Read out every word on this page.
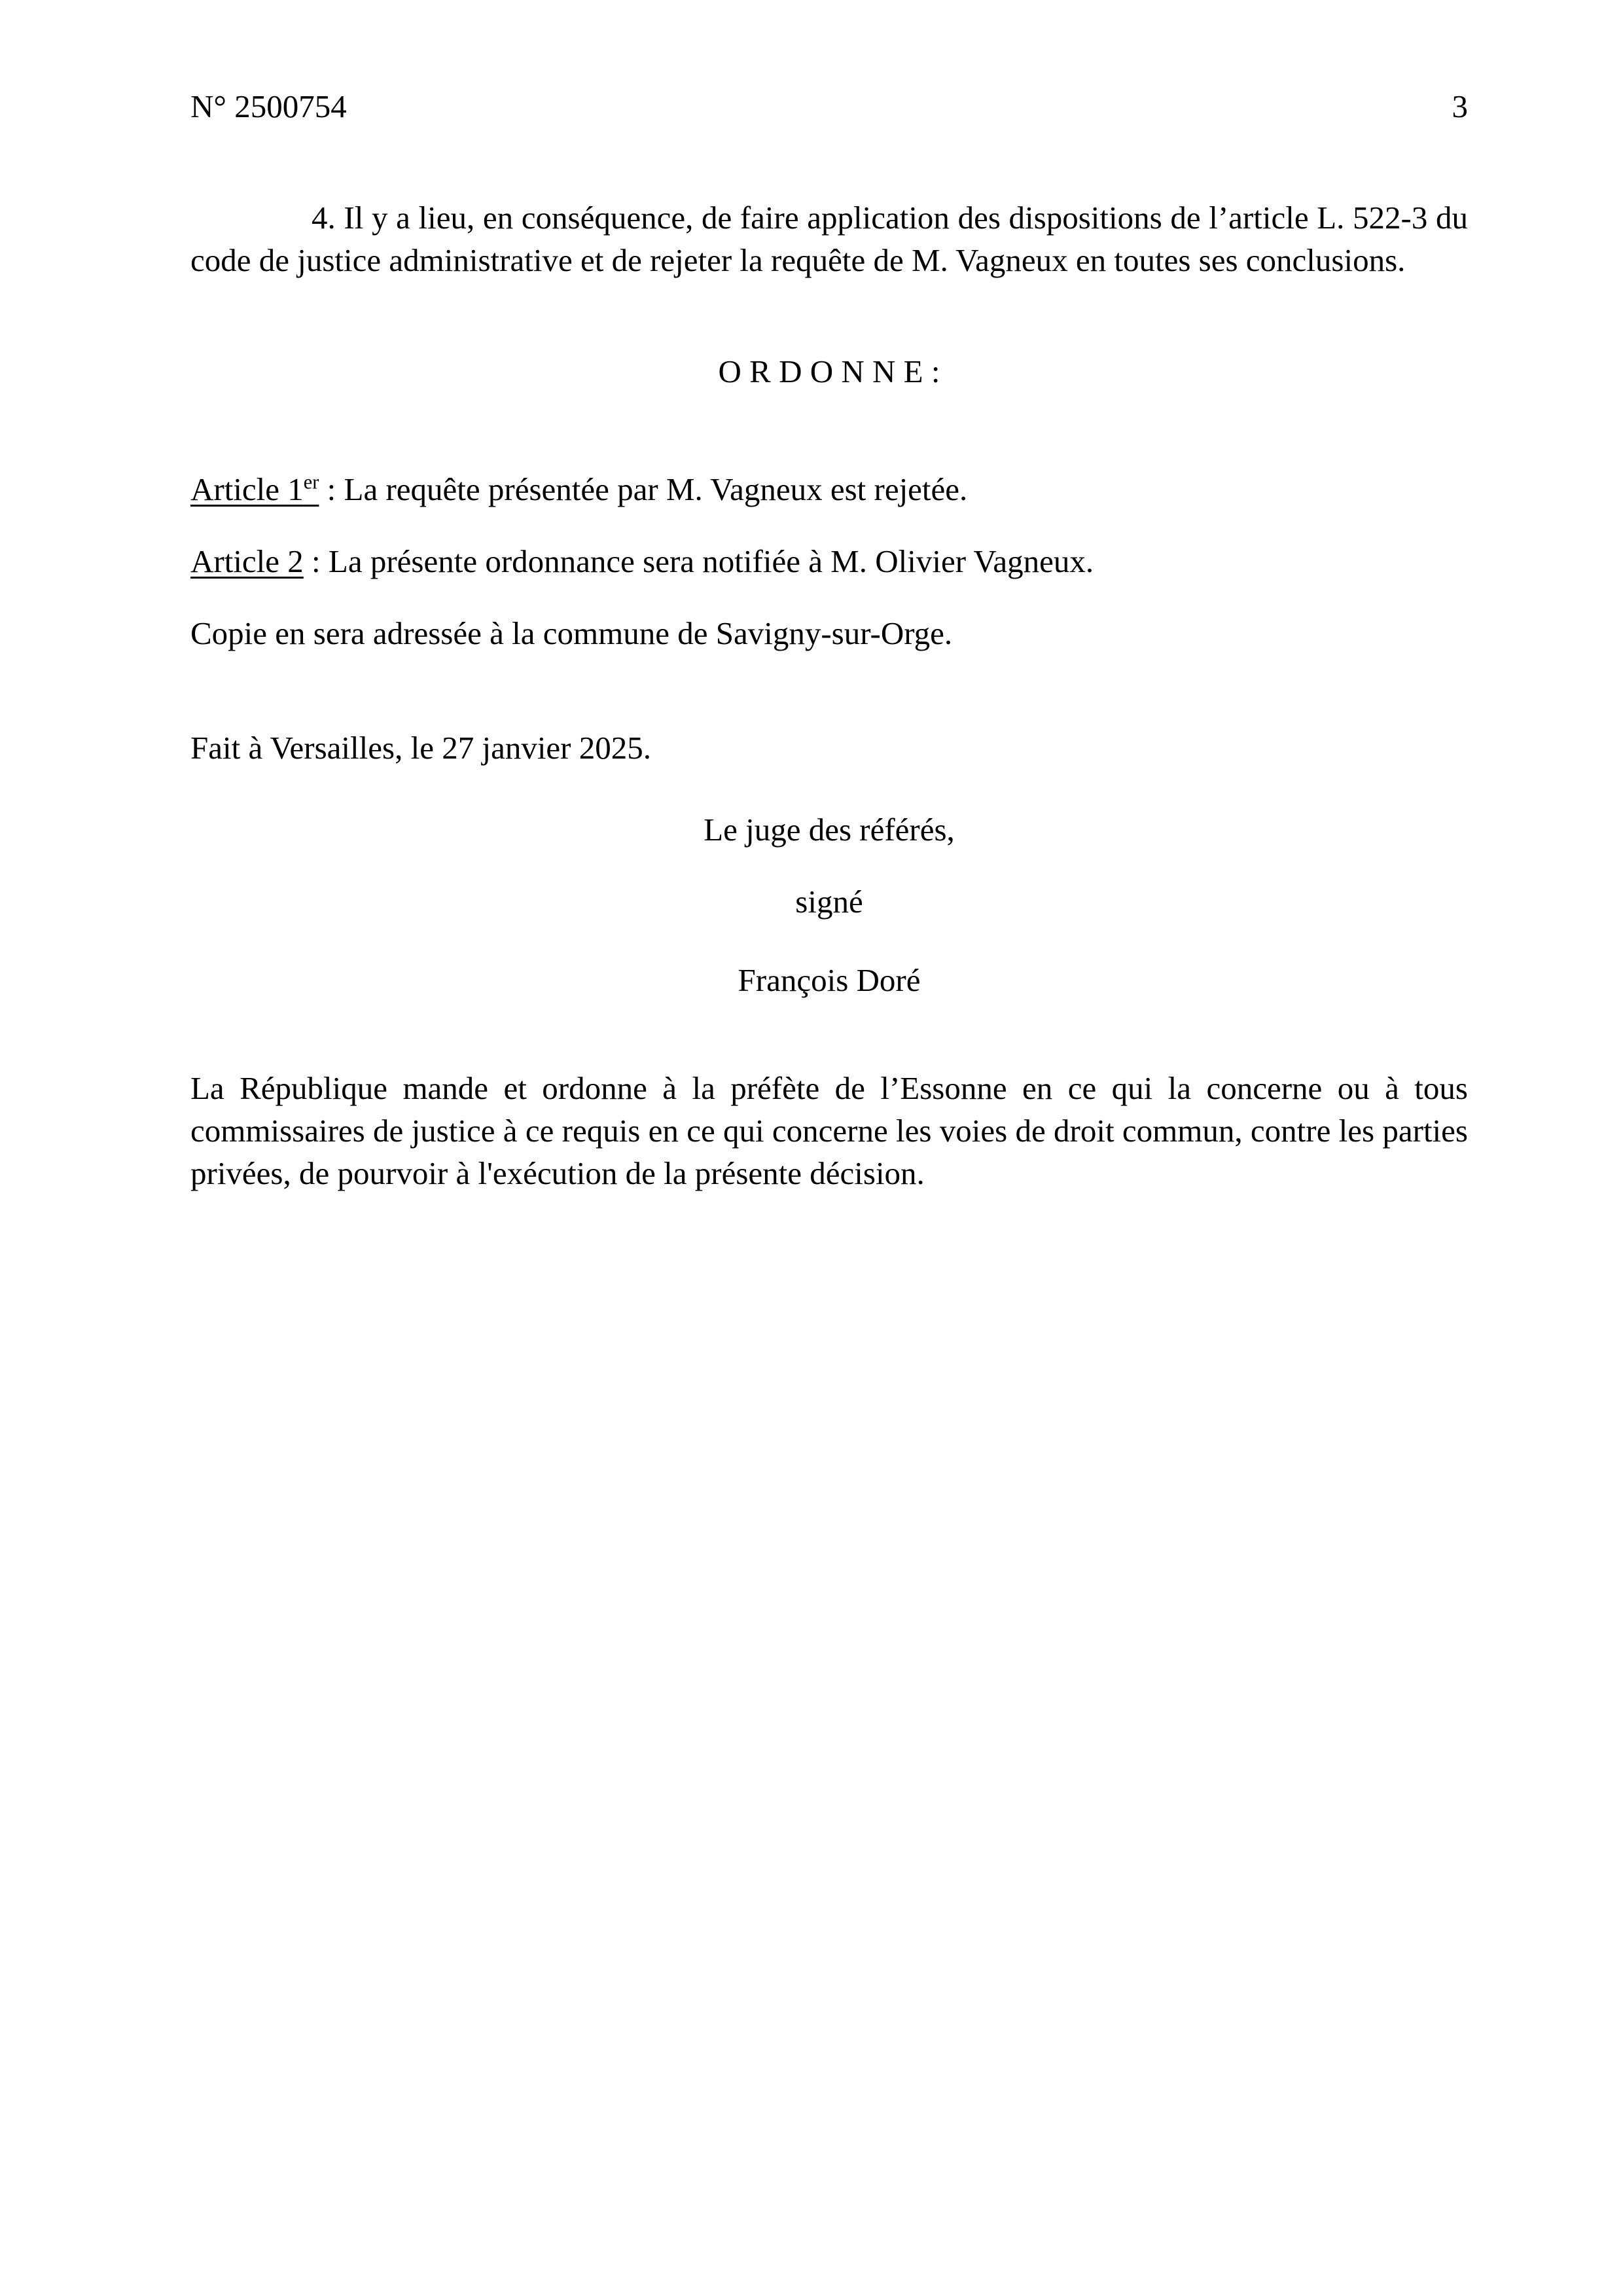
N° 2500754	3

4. Il y a lieu, en conséquence, de faire application des dispositions de l’article L. 522-3 du code de justice administrative et de rejeter la requête de M. Vagneux en toutes ses conclusions.

O R D O N N E :

Article 1er : La requête présentée par M. Vagneux est rejetée.

Article 2 : La présente ordonnance sera notifiée à M. Olivier Vagneux.

Copie en sera adressée à la commune de Savigny-sur-Orge.

Fait à Versailles, le 27 janvier 2025.

Le juge des référés,

signé

François Doré

La République mande et ordonne à la préfète de l’Essonne en ce qui la concerne ou à tous commissaires de justice à ce requis en ce qui concerne les voies de droit commun, contre les parties privées, de pourvoir à l'exécution de la présente décision.
